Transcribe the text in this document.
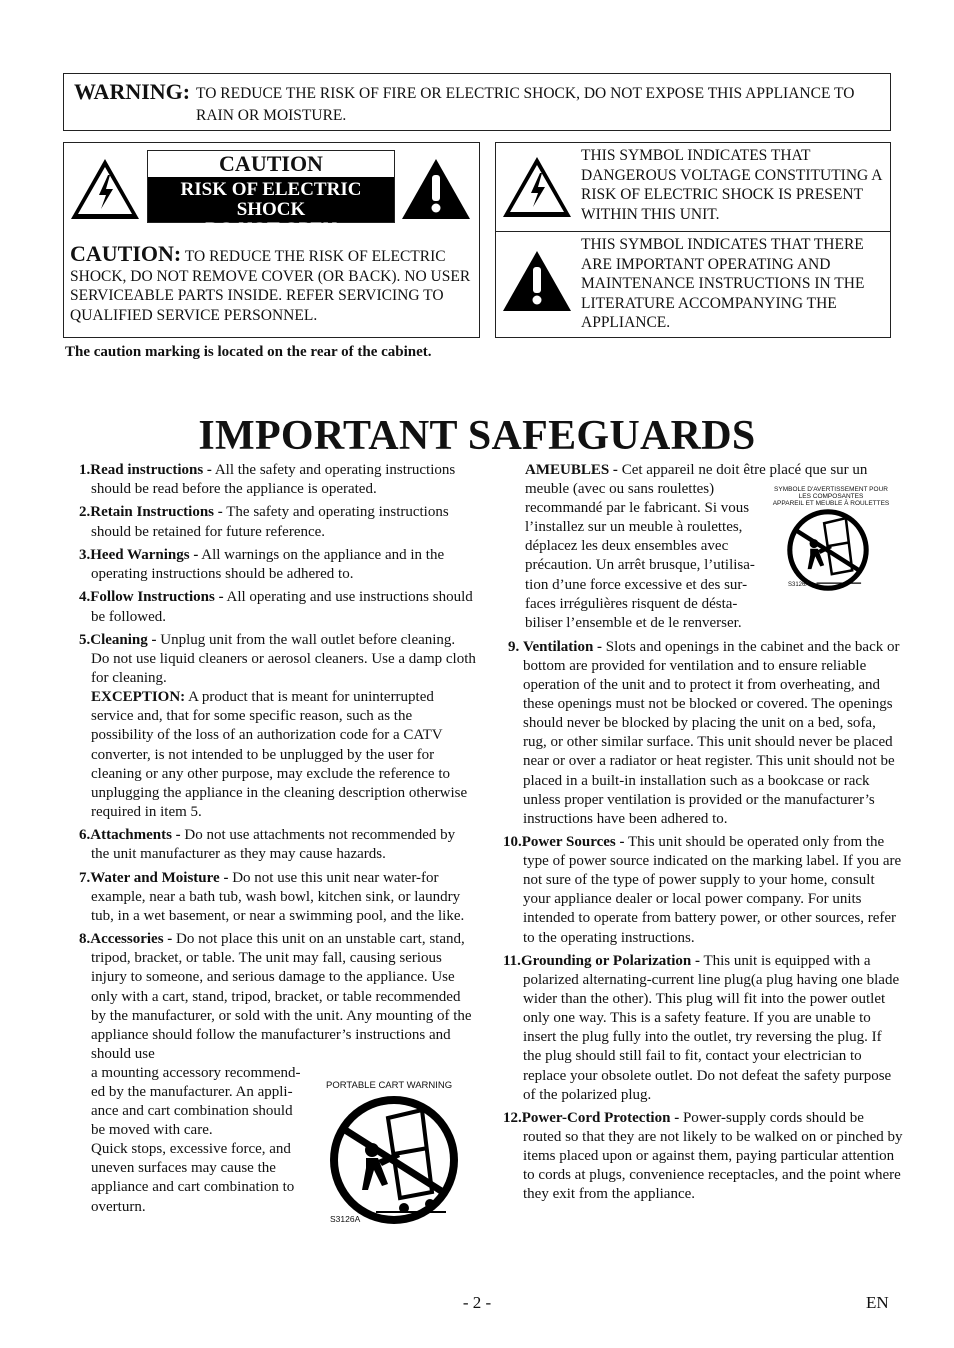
WARNING: TO REDUCE THE RISK OF FIRE OR ELECTRIC SHOCK, DO NOT EXPOSE THIS APPLIANCE TO RAIN OR MOISTURE.
CAUTION
RISK OF ELECTRIC SHOCK
DO NOT OPEN
CAUTION: TO REDUCE THE RISK OF ELECTRIC SHOCK, DO NOT REMOVE COVER (OR BACK). NO USER SERVICEABLE PARTS INSIDE. REFER SERVICING TO QUALIFIED SERVICE PERSONNEL.
THIS SYMBOL INDICATES THAT DANGEROUS VOLTAGE CONSTITUTING A RISK OF ELECTRIC SHOCK IS PRESENT WITHIN THIS UNIT.
THIS SYMBOL INDICATES THAT THERE ARE IMPORTANT OPERATING AND MAINTENANCE INSTRUCTIONS IN THE LITERATURE ACCOMPANYING THE APPLIANCE.
The caution marking is located on the rear of the cabinet.
IMPORTANT SAFEGUARDS
1.Read instructions - All the safety and operating instructions should be read before the appliance is operated.
2.Retain Instructions - The safety and operating instructions should be retained for future reference.
3.Heed Warnings - All warnings on the appliance and in the operating instructions should be adhered to.
4.Follow Instructions - All operating and use instructions should be followed.
5.Cleaning - Unplug unit from the wall outlet before cleaning. Do not use liquid cleaners or aerosol cleaners. Use a damp cloth for cleaning.
EXCEPTION: A product that is meant for uninterrupted service and, that for some specific reason, such as the possibility of the loss of an authorization code for a CATV converter, is not intended to be unplugged by the user for cleaning or any other purpose, may exclude the reference to unplugging the appliance in the cleaning description otherwise required in item 5.
6.Attachments - Do not use attachments not recommended by the unit manufacturer as they may cause hazards.
7.Water and Moisture - Do not use this unit near water-for example, near a bath tub, wash bowl, kitchen sink, or laundry tub, in a wet basement, or near a swimming pool, and the like.
8.Accessories - Do not place this unit on an unstable cart, stand, tripod, bracket, or table. The unit may fall, causing serious injury to someone, and serious damage to the appliance. Use only with a cart, stand, tripod, bracket, or table recommended by the manufacturer, or sold with the unit. Any mounting of the appliance should follow the manufacturer’s instructions and should use
a mounting accessory recommend-
ed by the manufacturer. An appli-
ance and cart combination should
be moved with care.
Quick stops, excessive force, and
uneven surfaces may cause the
appliance and cart combination to
overturn.
PORTABLE CART WARNING
S3126A
AMEUBLES - Cet appareil ne doit être placé que sur un
meuble (avec ou sans roulettes)
recommandé par le fabricant. Si vous
l’installez sur un meuble à roulettes,
déplacez les deux ensembles avec
précaution. Un arrêt brusque, l’utilisa-
tion d’une force excessive et des sur-
faces irrégulières risquent de désta-
biliser l’ensemble et de le renverser.
9. Ventilation - Slots and openings in the cabinet and the back or bottom are provided for ventilation and to ensure reliable operation of the unit and to protect it from overheating, and these openings must not be blocked or covered. The openings should never be blocked by placing the unit on a bed, sofa, rug, or other similar surface. This unit should never be placed near or over a radiator or heat register. This unit should not be placed in a built-in installation such as a bookcase or rack unless proper ventilation is provided or the manufacturer’s instructions have been adhered to.
10.Power Sources - This unit should be operated only from the type of power source indicated on the marking label. If you are not sure of the type of power supply to your home, consult your appliance dealer or local power company. For units intended to operate from battery power, or other sources, refer to the operating instructions.
11.Grounding or Polarization - This unit is equipped with a polarized alternating-current line plug(a plug having one blade wider than the other). This plug will fit into the power outlet only one way. This is a safety feature. If you are unable to insert the plug fully into the outlet, try reversing the plug. If the plug should still fail to fit, contact your electrician to replace your obsolete outlet. Do not defeat the safety purpose of the polarized plug.
12.Power-Cord Protection - Power-supply cords should be routed so that they are not likely to be walked on or pinched by items placed upon or against them, paying particular attention to cords at plugs, convenience receptacles, and the point where they exit from the appliance.
SYMBOLE D'AVERTISSEMENT POUR
LES COMPOSANTES
APPAREIL ET MEUBLE À ROULETTES
S3126A
- 2 -	EN
